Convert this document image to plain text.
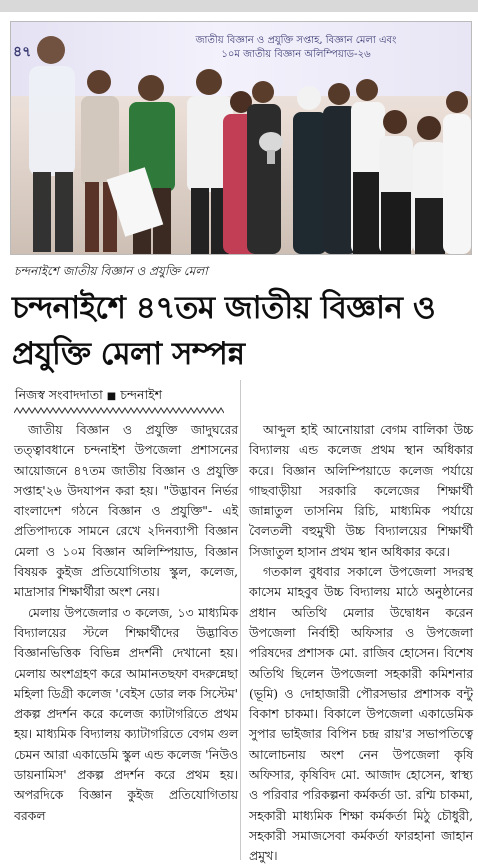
৪৭
জাতীয় বিজ্ঞান ও প্রযুক্তি সপ্তাহ, বিজ্ঞান মেলা এবং
১০ম জাতীয় বিজ্ঞান অলিম্পিয়াড-২৬
চন্দনাইশে জাতীয় বিজ্ঞান ও প্রযুক্তি মেলা
চন্দনাইশে ৪৭তম জাতীয় বিজ্ঞান ও প্রযুক্তি মেলা সম্পন্ন
নিজস্ব সংবাদদাতা ■ চন্দনাইশ

জাতীয় বিজ্ঞান ও প্রযুক্তি জাদুঘরের তত্ত্বাবধানে চন্দনাইশ উপজেলা প্রশাসনের আয়োজনে ৪৭তম জাতীয় বিজ্ঞান ও প্রযুক্তি সপ্তাহ'২৬ উদযাপন করা হয়। "উদ্ভাবন নির্ভর বাংলাদেশ গঠনে বিজ্ঞান ও প্রযুক্তি"- এই প্রতিপাদ্যকে সামনে রেখে ২দিনব্যাপী বিজ্ঞান মেলা ও ১০ম বিজ্ঞান অলিম্পিয়াড, বিজ্ঞান বিষয়ক কুইজ প্রতিযোগিতায় স্কুল, কলেজ, মাদ্রাসার শিক্ষার্থীরা অংশ নেয়।

মেলায় উপজেলার ৩ কলেজ, ১৩ মাধ্যমিক বিদ্যালয়ের স্টলে শিক্ষার্থীদের উদ্ভাবিত বিজ্ঞানভিত্তিক বিভিন্ন প্রদর্শনী দেখানো হয়। মেলায় অংশগ্রহণ করে আমানতছফা বদরুন্নেছা মহিলা ডিগ্রী কলেজ 'বেইস ডোর লক সিস্টেম' প্রকল্প প্রদর্শন করে কলেজ ক্যাটাগরিতে প্রথম হয়। মাধ্যমিক বিদ্যালয় ক্যাটাগরিতে বেগম গুল চেমন আরা একাডেমি স্কুল এন্ড কলেজ 'নিউও ডায়নামিস' প্রকল্প প্রদর্শন করে প্রথম হয়। অপরদিকে বিজ্ঞান কুইজ প্রতিযোগিতায় বরকল

আব্দুল হাই আনোয়ারা বেগম বালিকা উচ্চ বিদ্যালয় এন্ড কলেজ প্রথম স্থান অধিকার করে। বিজ্ঞান অলিম্পিয়াডে কলেজ পর্যায়ে গাছবাড়ীয়া সরকারি কলেজের শিক্ষার্থী জান্নাতুল তাসনিম রিচি, মাধ্যমিক পর্যায়ে বৈলতলী বহুমুখী উচ্চ বিদ্যালয়ের শিক্ষার্থী সিজাতুল হাসান প্রথম স্থান অধিকার করে।

গতকাল বুধবার সকালে উপজেলা সদরস্থ কাসেম মাহবুব উচ্চ বিদ্যালয় মাঠে অনুষ্ঠানের প্রধান অতিথি মেলার উদ্বোধন করেন উপজেলা নির্বাহী অফিসার ও উপজেলা পরিষদের প্রশাসক মো. রাজিব হোসেন। বিশেষ অতিথি ছিলেন উপজেলা সহকারী কমিশনার (ভূমি) ও দোহাজারী পৌরসভার প্রশাসক বন্টু বিকাশ চাকমা। বিকালে উপজেলা একাডেমিক সুপার ভাইজার বিপিন চন্দ্র রায়'র সভাপতিত্বে আলোচনায় অংশ নেন উপজেলা কৃষি অফিসার, কৃষিবিদ মো. আজাদ হোসেন, স্বাস্থ্য ও পরিবার পরিকল্পনা কর্মকর্তা ডা. রশ্মি চাকমা, সহকারী মাধ্যমিক শিক্ষা কর্মকর্তা মিঠু চৌধুরী, সহকারী সমাজসেবা কর্মকর্তা ফারহানা জাহান প্রমুখ।
